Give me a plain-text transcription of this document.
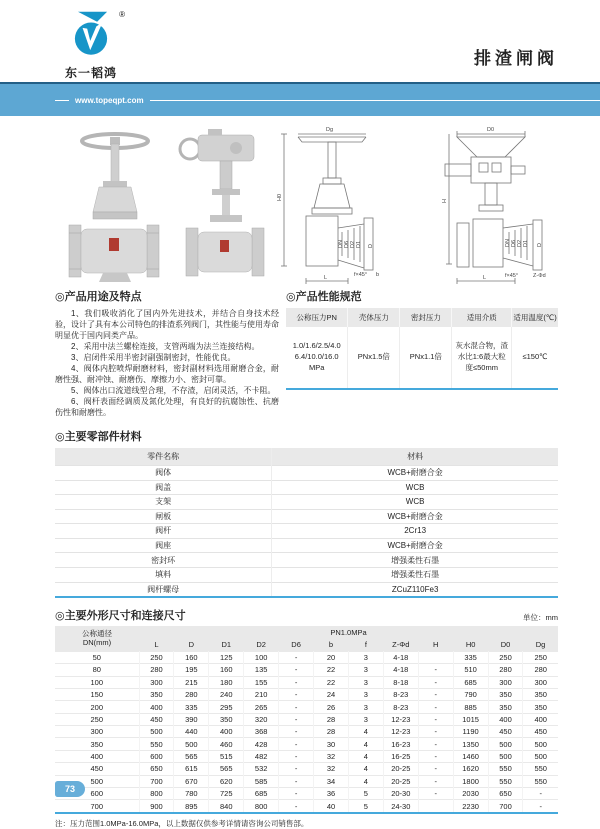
®
东一韬鸿
排渣闸阀
www.topeqpt.com
Dg
H0
DN D6 D2 D1 D
f×45° b
L
D0
H
DN D6 D2 D1 D
f×45°	Z-Φd
L
◎产品用途及特点

1、我们吸收消化了国内外先进技术，并结合自身技术经验，设计了具有本公司特色的排渣系列阀门，其性能与使用寿命明显优于国内同类产品。

2、采用中法兰螺栓连接，支管两端为法兰连接结构。

3、启闭件采用半密封副强制密封，性能优良。

4、阀体内腔喷焊耐磨材料，密封副材料选用耐磨合金，耐磨性强、耐冲蚀、耐磨伤、摩擦力小、密封可靠。

5、阀体出口流道线型合理，不存渣，启闭灵活，不卡阻。

6、阀杆表面经调质及氮化处理，有良好的抗腐蚀性、抗磨伤性和耐磨性。

◎产品性能规范
公称压力PN	壳体压力	密封压力	适用介质	适用温度(℃)
1.0/1.6/2.5/4.0 6.4/10.0/16.0 MPa	PNx1.5倍	PNx1.1倍	灰水混合物，渣水比1:6最大粒度≤50mm	≤150℃
◎主要零部件材料
零件名称	材料
阀体	WCB+耐磨合金
阀盖	WCB
支架	WCB
闸板	WCB+耐磨合金
阀杆	2Cr13
阀座	WCB+耐磨合金
密封环	增强柔性石墨
填料	增强柔性石墨
阀杆螺母	ZCuZ110Fe3
◎主要外形尺寸和连接尺寸	单位：mm
公称通径
DN(mm)	PN1.0MPa											
	L	D	D1	D2	D6	b	f	Z-Φd	H	H0	D0	Dg
50	250	160	125	100	-	20	3	4-18		335	250	250
80	280	195	160	135	-	22	3	4-18	-	510	280	280
100	300	215	180	155	-	22	3	8-18	-	685	300	300
150	350	280	240	210	-	24	3	8-23	-	790	350	350
200	400	335	295	265	-	26	3	8-23	-	885	350	350
250	450	390	350	320	-	28	3	12-23	-	1015	400	400
300	500	440	400	368	-	28	4	12-23	-	1190	450	450
350	550	500	460	428	-	30	4	16-23	-	1350	500	500
400	600	565	515	482	-	32	4	16-25	-	1460	500	500
450	650	615	565	532	-	32	4	20-25	-	1620	550	550
500	700	670	620	585	-	34	4	20-25	-	1800	550	550
600	800	780	725	685	-	36	5	20-30	-	2030	650	-
700	900	895	840	800	-	40	5	24-30		2230	700	-

注：压力范围1.0MPa-16.0MPa，以上数据仅供参考详情请咨询公司销售部。

73
